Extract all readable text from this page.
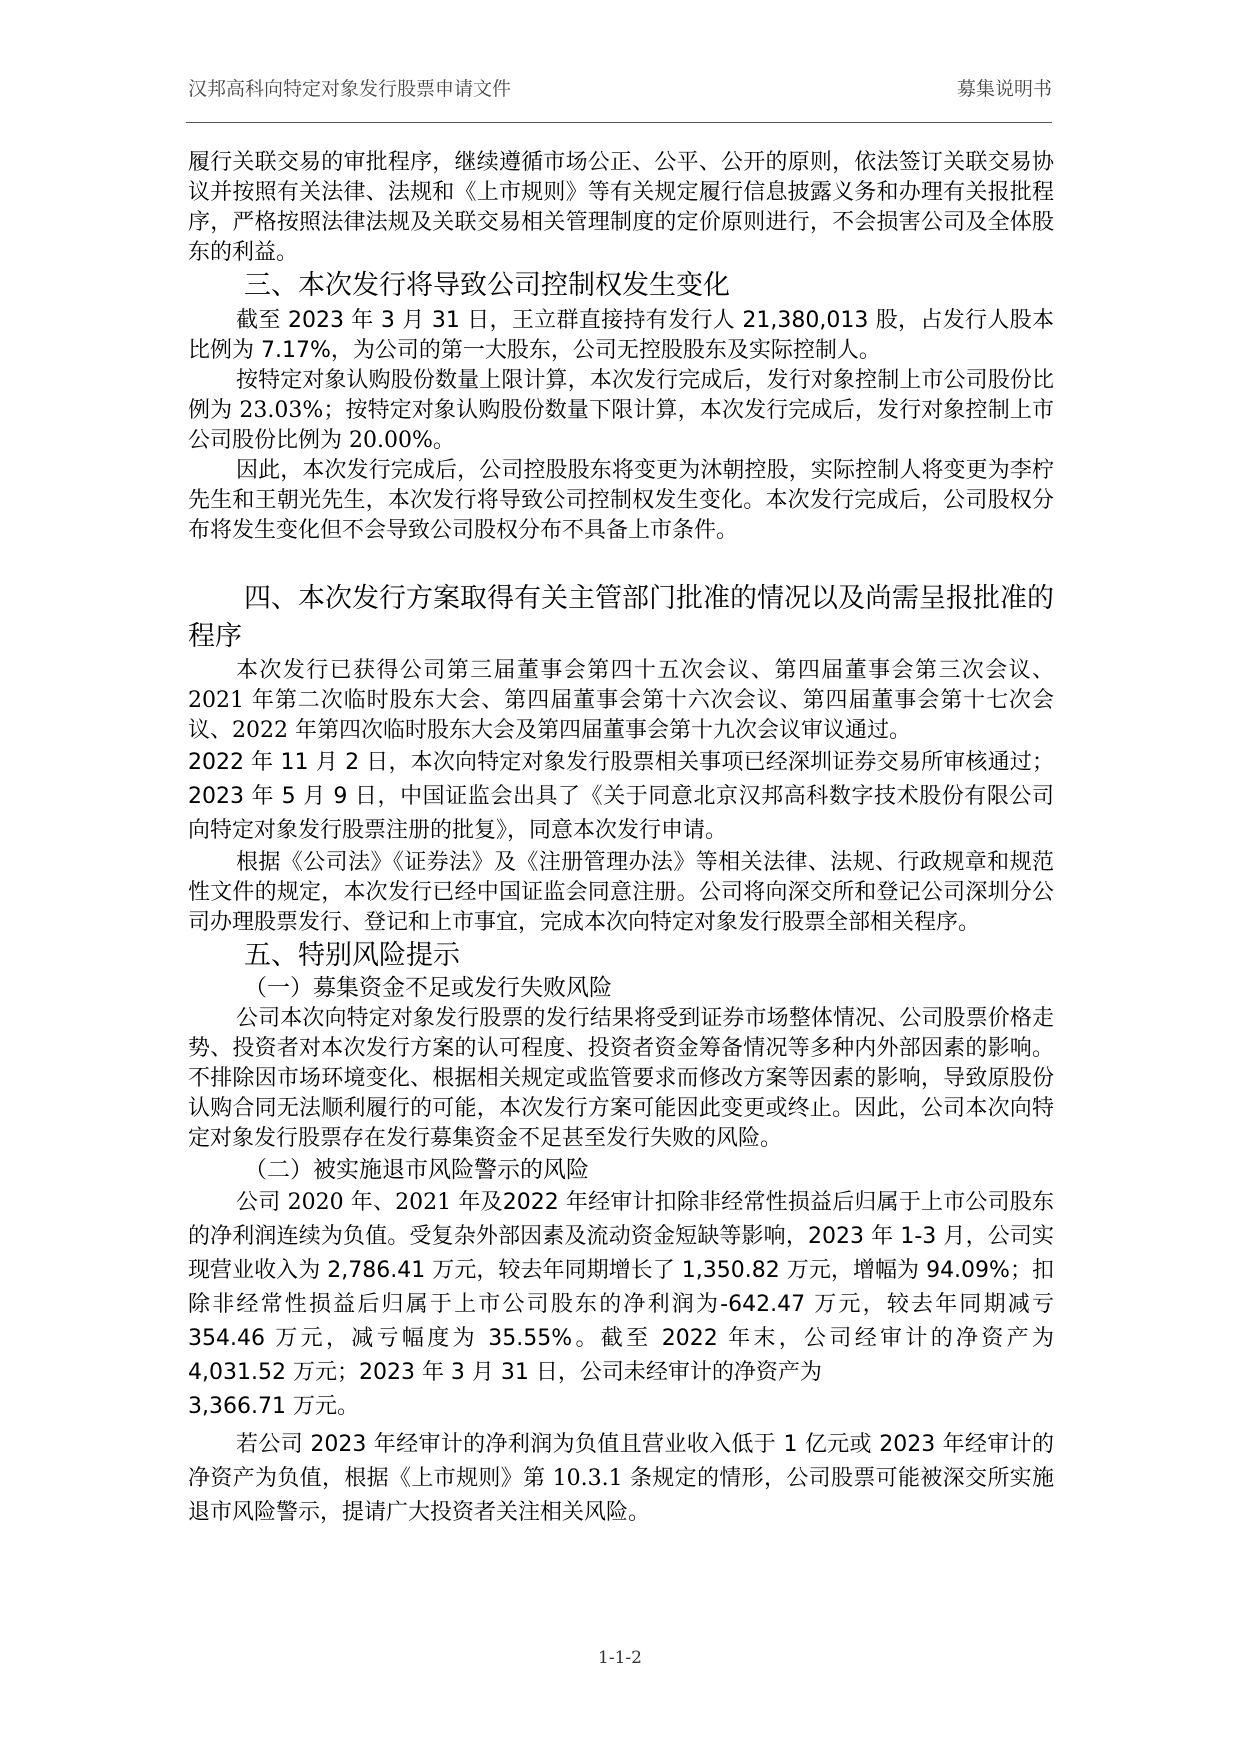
汉邦高科向特定对象发行股票申请文件	募集说明书

履行关联交易的审批程序，继续遵循市场公正、公平、公开的原则，依法签订关联交易协议并按照有关法律、法规和《上市规则》等有关规定履行信息披露义务和办理有关报批程序，严格按照法律法规及关联交易相关管理制度的定价原则进行，不会损害公司及全体股东的利益。

三、本次发行将导致公司控制权发生变化

截至 2023 年 3 月 31 日，王立群直接持有发行人 21,380,013 股，占发行人股本比例为 7.17%，为公司的第一大股东，公司无控股股东及实际控制人。

按特定对象认购股份数量上限计算，本次发行完成后，发行对象控制上市公司股份比例为 23.03%；按特定对象认购股份数量下限计算，本次发行完成后，发行对象控制上市公司股份比例为 20.00%。

因此，本次发行完成后，公司控股股东将变更为沐朝控股，实际控制人将变更为李柠先生和王朝光先生，本次发行将导致公司控制权发生变化。本次发行完成后，公司股权分布将发生变化但不会导致公司股权分布不具备上市条件。

四、本次发行方案取得有关主管部门批准的情况以及尚需呈报批准的程序

本次发行已获得公司第三届董事会第四十五次会议、第四届董事会第三次会议、2021 年第二次临时股东大会、第四届董事会第十六次会议、第四届董事会第十七次会议、2022 年第四次临时股东大会及第四届董事会第十九次会议审议通过。

2022 年 11 月 2 日，本次向特定对象发行股票相关事项已经深圳证券交易所审核通过；2023 年 5 月 9 日，中国证监会出具了《关于同意北京汉邦高科数字技术股份有限公司向特定对象发行股票注册的批复》，同意本次发行申请。

根据《公司法》《证券法》及《注册管理办法》等相关法律、法规、行政规章和规范性文件的规定，本次发行已经中国证监会同意注册。公司将向深交所和登记公司深圳分公司办理股票发行、登记和上市事宜，完成本次向特定对象发行股票全部相关程序。

五、特别风险提示
（一）募集资金不足或发行失败风险

公司本次向特定对象发行股票的发行结果将受到证券市场整体情况、公司股票价格走势、投资者对本次发行方案的认可程度、投资者资金筹备情况等多种内外部因素的影响。不排除因市场环境变化、根据相关规定或监管要求而修改方案等因素的影响，导致原股份认购合同无法顺利履行的可能，本次发行方案可能因此变更或终止。因此，公司本次向特定对象发行股票存在发行募集资金不足甚至发行失败的风险。

（二）被实施退市风险警示的风险

公司 2020 年、2021 年及2022 年经审计扣除非经常性损益后归属于上市公司股东的净利润连续为负值。受复杂外部因素及流动资金短缺等影响，2023 年 1-3 月，公司实现营业收入为 2,786.41 万元，较去年同期增长了 1,350.82 万元，增幅为 94.09%；扣除非经常性损益后归属于上市公司股东的净利润为-642.47 万元，较去年同期减亏 354.46 万元，减亏幅度为 35.55%。截至 2022 年末，公司经审计的净资产为 4,031.52 万元；2023 年 3 月 31 日，公司未经审计的净资产为

3,366.71 万元。

若公司 2023 年经审计的净利润为负值且营业收入低于 1 亿元或 2023 年经审计的净资产为负值，根据《上市规则》第 10.3.1 条规定的情形，公司股票可能被深交所实施退市风险警示，提请广大投资者关注相关风险。

1-1-2
